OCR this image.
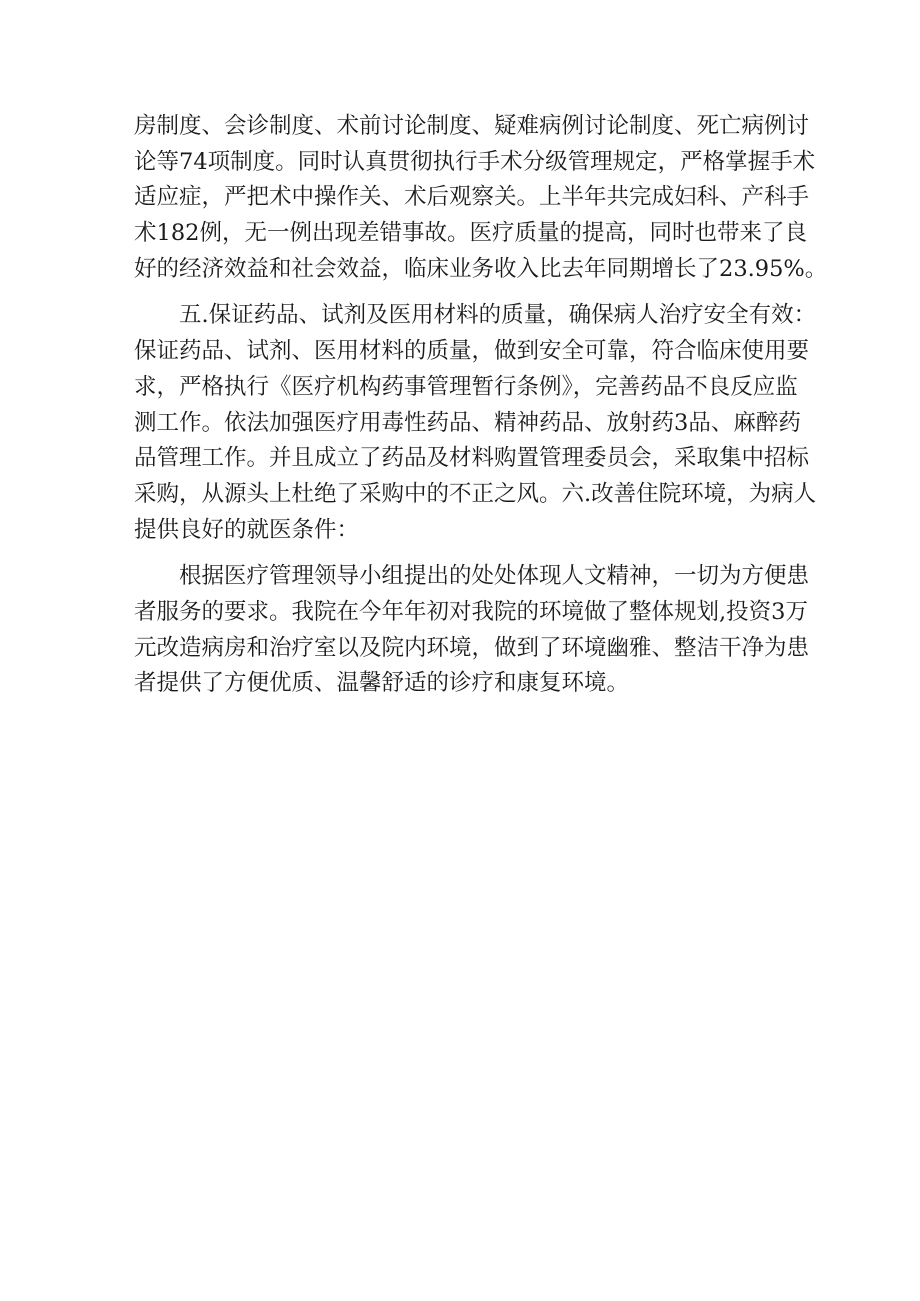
房制度、会诊制度、术前讨论制度、疑难病例讨论制度、死亡病例讨
论等74项制度。同时认真贯彻执行手术分级管理规定，严格掌握手术
适应症，严把术中操作关、术后观察关。上半年共完成妇科、产科手
术182例，无一例出现差错事故。医疗质量的提高，同时也带来了良
好的经济效益和社会效益，临床业务收入比去年同期增长了23.95%。
五.保证药品、试剂及医用材料的质量，确保病人治疗安全有效：
保证药品、试剂、医用材料的质量，做到安全可靠，符合临床使用要
求，严格执行《医疗机构药事管理暂行条例》，完善药品不良反应监
测工作。依法加强医疗用毒性药品、精神药品、放射药3品、麻醉药
品管理工作。并且成立了药品及材料购置管理委员会，采取集中招标
采购，从源头上杜绝了采购中的不正之风。六.改善住院环境，为病人
提供良好的就医条件：
根据医疗管理领导小组提出的处处体现人文精神，一切为方便患
者服务的要求。我院在今年年初对我院的环境做了整体规划,投资3万
元改造病房和治疗室以及院内环境，做到了环境幽雅、整洁干净为患
者提供了方便优质、温馨舒适的诊疗和康复环境。
